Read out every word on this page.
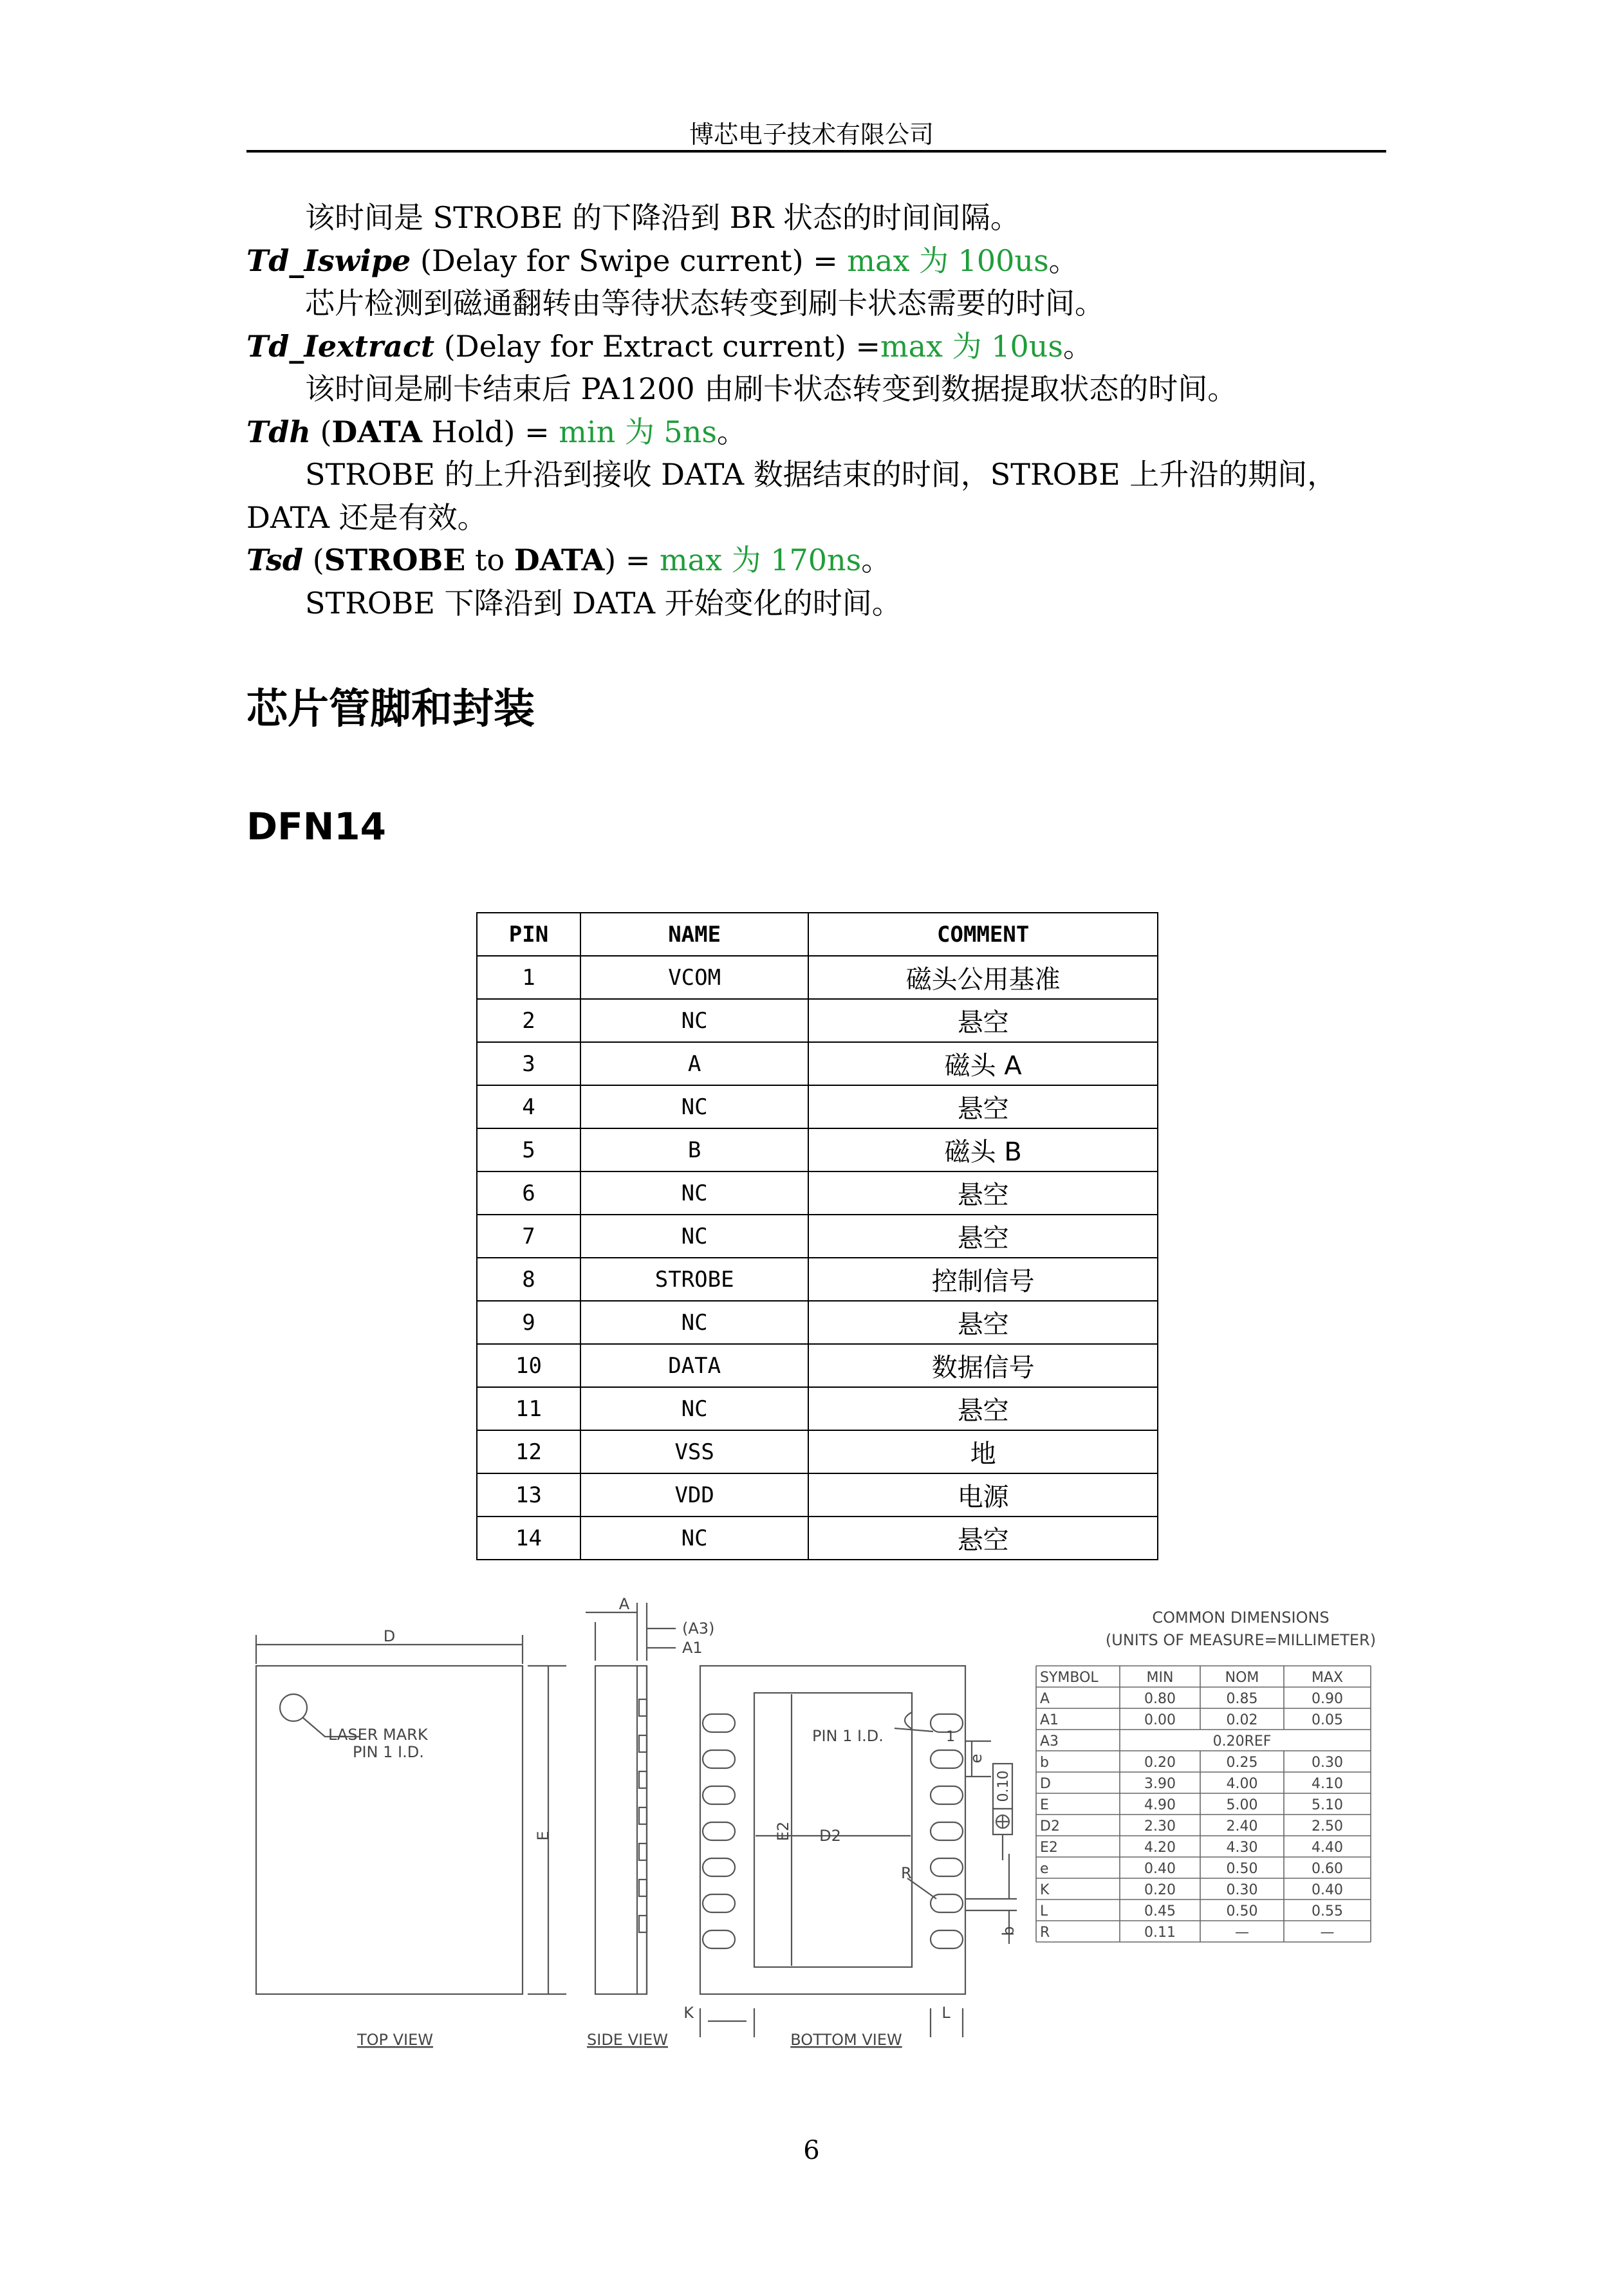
博芯电子技术有限公司
该时间是 STROBE 的下降沿到 BR 状态的时间间隔。
Td_Iswipe (Delay for Swipe current) = max 为 100us。
芯片检测到磁通翻转由等待状态转变到刷卡状态需要的时间。
Td_Iextract (Delay for Extract current) =max 为 10us。
该时间是刷卡结束后 PA1200 由刷卡状态转变到数据提取状态的时间。
Tdh (DATA Hold) = min 为 5ns。
STROBE 的上升沿到接收 DATA 数据结束的时间，STROBE 上升沿的期间，
DATA 还是有效。
Tsd (STROBE to DATA) = max 为 170ns。
STROBE 下降沿到 DATA 开始变化的时间。
芯片管脚和封装
DFN14
PIN	NAME	COMMENT
1	VCOM	磁头公用基准
2	NC	悬空
3	A	磁头 A
4	NC	悬空
5	B	磁头 B
6	NC	悬空
7	NC	悬空
8	STROBE	控制信号
9	NC	悬空
10	DATA	数据信号
11	NC	悬空
12	VSS	地
13	VDD	电源
14	NC	悬空
D
LASER MARK
PIN 1 I.D.
E
A
(A3)
A1
PIN 1 I.D.	1
E2 D2
R
e
0.10
b
K	L
TOP VIEW	SIDE VIEW	BOTTOM VIEW
COMMON DIMENSIONS
(UNITS OF MEASURE=MILLIMETER)
SYMBOL	MIN	NOM	MAX
A	0.80	0.85	0.90
A1	0.00	0.02	0.05
A3	0.20REF
b	0.20	0.25	0.30
D	3.90	4.00	4.10
E	4.90	5.00	5.10
D2	2.30	2.40	2.50
E2	4.20	4.30	4.40
e	0.40	0.50	0.60
K	0.20	0.30	0.40
L	0.45	0.50	0.55
R	0.11	—	—
6
